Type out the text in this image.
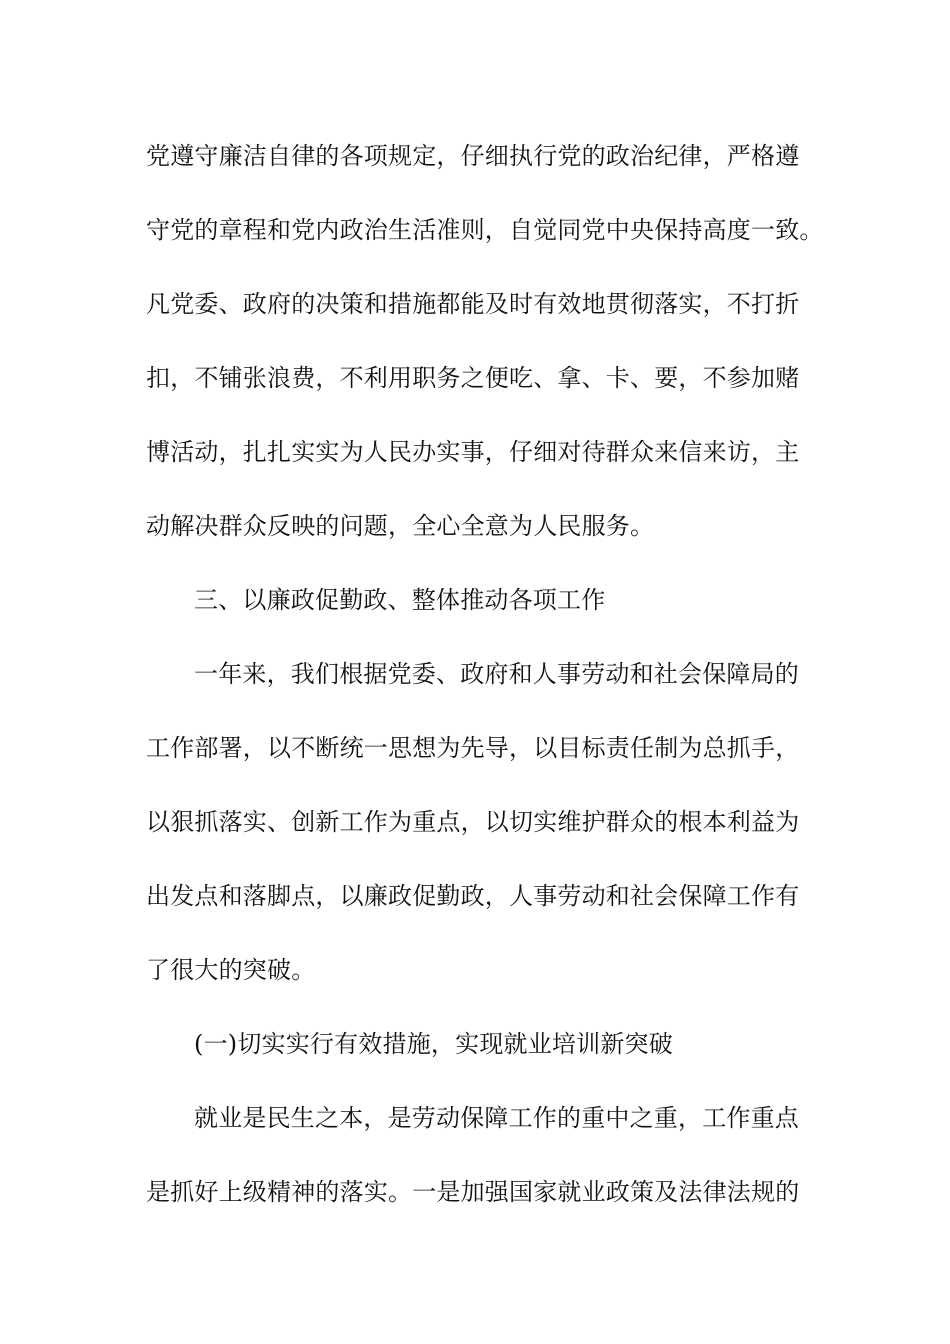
党遵守廉洁自律的各项规定，仔细执行党的政治纪律，严格遵
守党的章程和党内政治生活准则，自觉同党中央保持高度一致。
凡党委、政府的决策和措施都能及时有效地贯彻落实，不打折
扣，不铺张浪费，不利用职务之便吃、拿、卡、要，不参加赌
博活动，扎扎实实为人民办实事，仔细对待群众来信来访，主
动解决群众反映的问题，全心全意为人民服务。
三、以廉政促勤政、整体推动各项工作
一年来，我们根据党委、政府和人事劳动和社会保障局的
工作部署，以不断统一思想为先导，以目标责任制为总抓手，
以狠抓落实、创新工作为重点，以切实维护群众的根本利益为
出发点和落脚点，以廉政促勤政，人事劳动和社会保障工作有
了很大的突破。
(一)切实实行有效措施，实现就业培训新突破
就业是民生之本，是劳动保障工作的重中之重，工作重点
是抓好上级精神的落实。一是加强国家就业政策及法律法规的
